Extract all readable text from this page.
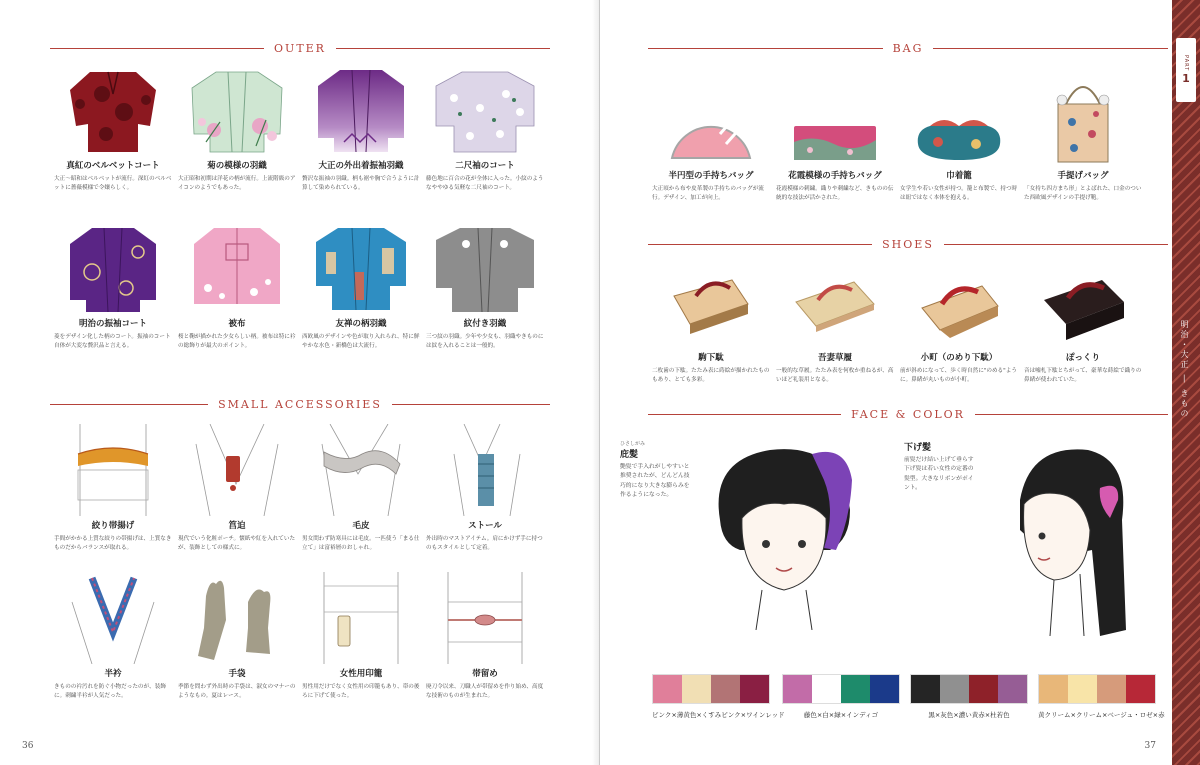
OUTER
真紅のベルベットコート
大正〜昭和はベルベットが流行。深紅のベルベットに薔薇模様で令嬢らしく。
菊の模様の羽織
大正昭和初期は洋花の柄が流行。上流階級のアイコンのようでもあった。
大正の外出着振袖羽織
贅沢な振袖の羽織。柄も裾や胸で合うように計算して染められている。
二尺袖のコート
藤色地に百合の花が全体に入った。小紋のようなややゆる気軽な二尺袖のコート。
明治の振袖コート
菱をデザイン化した柄のコート。振袖のコート自体が大変な贅沢品と言える。
被布
桜と鞠が描かれた少女らしい柄。被布は特に衿の総飾りが最大のポイント。
友禅の柄羽織
西欧風のデザインや色が取り入れられ、特に鮮やかな水色・新橋色は大流行。
紋付き羽織
三つ紋の羽織。少年や少女も、羽織やきものには紋を入れることは一般的。
SMALL ACCESSORIES
絞り帯揚げ
手間がかかる上質な絞りの帯揚げは、上質なきものだからバランスが取れる。
筥迫
現代でいう化粧ポーチ。懐紙や紅を入れていたが、装飾としての様式に。
毛皮
男女問わず防寒具には毛皮。一匹使う「まる仕立て」は富裕層のおしゃれ。
ストール
外出時のマストアイテム。肩にかけず手に持つのもスタイルとして定着。
半衿
きものの衿汚れを防ぐ小物だったのが、装飾に。刺繍半衿が人気だった。
手袋
季節を問わず外出時の手袋は、淑女のマナーのようなもの。夏はレース。
女性用印籠
男性用だけでなく女性用の印籠もあり、帯の後ろに下げて使った。
帯留め
廃刀令以来、刀職人が帯留めを作り始め、高度な技術のものが生まれた。
36
BAG
半円型の手持ちバッグ
大正頃から布や皮革製の手持ちのバッグが流行。デザイン、加工が向上。
花霞模様の手持ちバッグ
花霞模様の刺繍。織りや刺繍など、きものの伝統的な技法が活かされた。
巾着籠
女学生や若い女性が持つ。籠と布製で、持つ時は紐ではなく本体を抱える。
手提げバッグ
「女持ち四方まち形」とよばれた、口金のついた西欧風デザインの手提げ鞄。
SHOES
駒下駄
二枚歯の下駄。たたみ表に蒔絵が描かれたものもあり、とても多彩。
吾妻草履
一般的な草履。たたみ表を何枚か重ねるが、高いほど礼装用となる。
小町（のめり下駄）
前が斜めになって、歩く時自然に"のめる"ように。鼻緒が丸いものが小町。
ぽっくり
音は嘘札下駄とちがって、豪華な蒔絵で織りの鼻緒が使われていた。
FACE & COLOR
ひさしがみ
庇髪
艶髪で手入れがしやすいと推奨されたが、どんどん技巧的になり大きな膨らみを作るようになった。
下げ髪
前髪だけ結い上げて垂らす下げ髪は若い女性の定番の髪型。大きなリボンがポイント。
ピンク×薄黄色×くすみピンク×ワインレッド	藤色×白×緑×インディゴ	黒×灰色×濃い黄赤×杜若色	黄クリーム×クリーム×ベージュ・ロゼ×赤
37
PART
1
明治・大正 ― きもの
